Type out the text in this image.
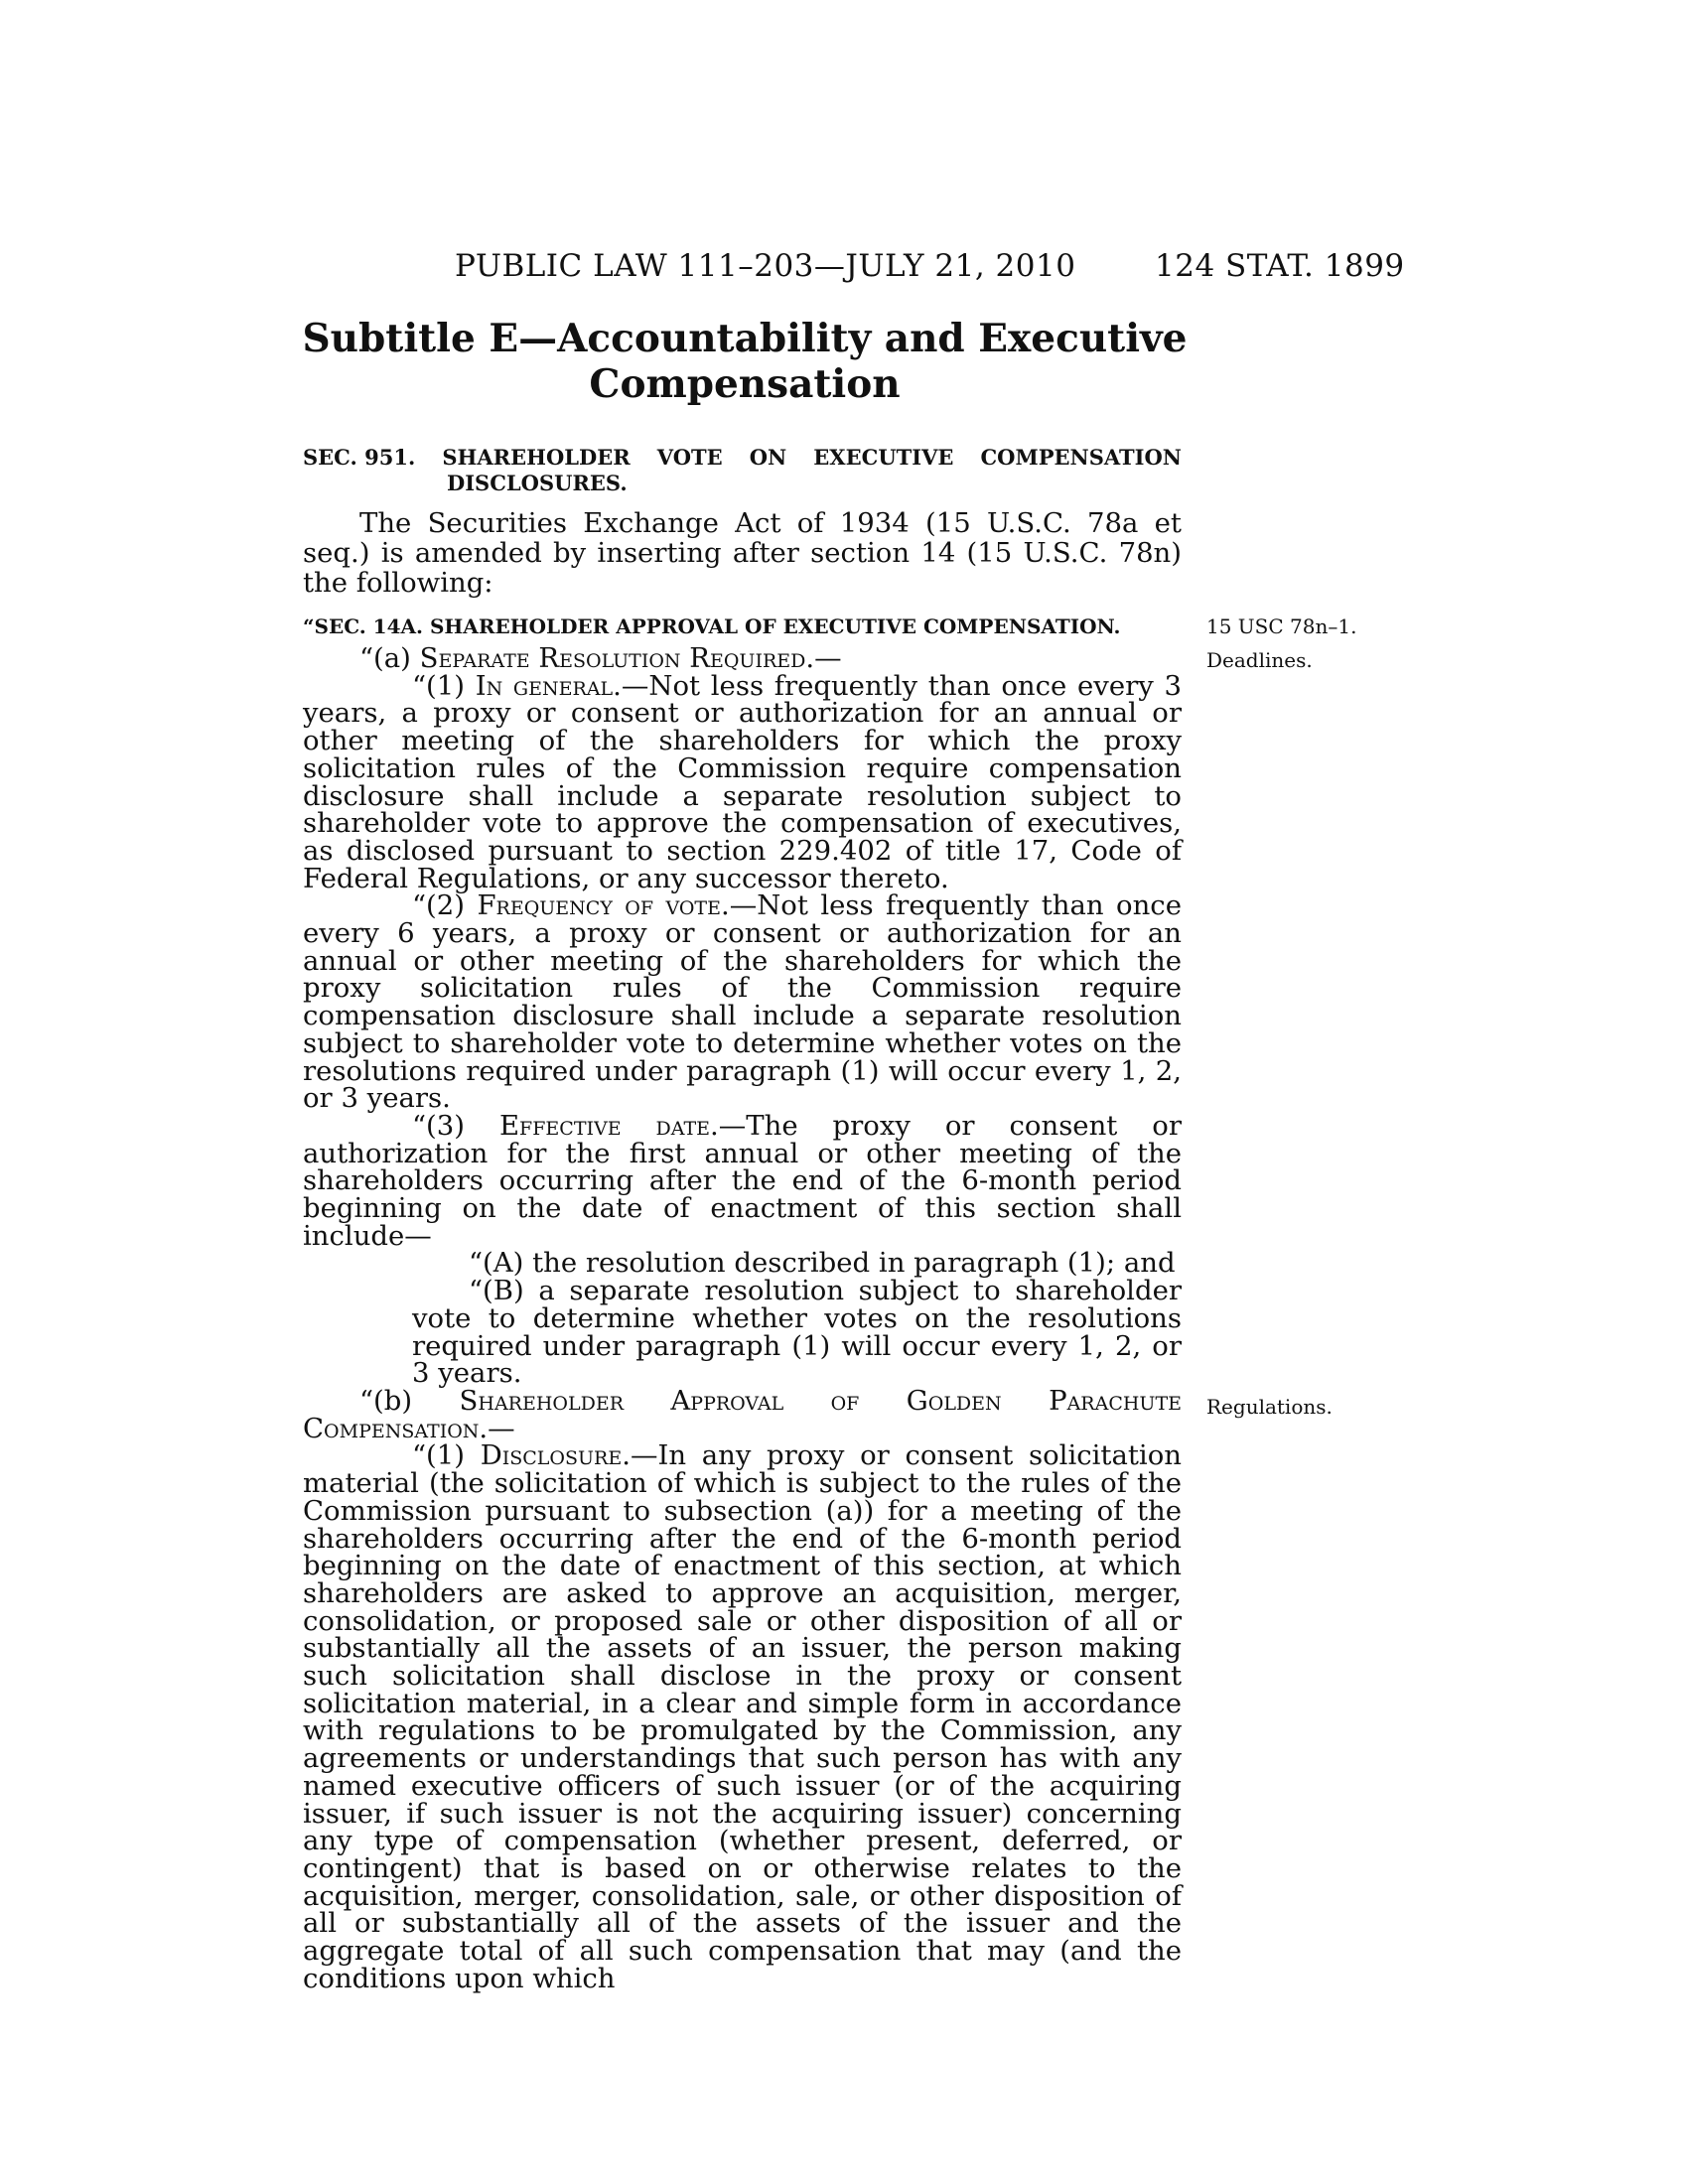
PUBLIC LAW 111–203—JULY 21, 2010	124 STAT. 1899
Subtitle E—Accountability and Executive
Compensation
SEC. 951. SHAREHOLDER VOTE ON EXECUTIVE COMPENSATION
DISCLOSURES.

The Securities Exchange Act of 1934 (15 U.S.C. 78a et seq.) is amended by inserting after section 14 (15 U.S.C. 78n) the following:

“SEC. 14A. SHAREHOLDER APPROVAL OF EXECUTIVE COMPENSATION.	15 USC 78n–1.
Deadlines.
Regulations.

“(a) Separate Resolution Required.—

“(1) In general.—Not less frequently than once every 3 years, a proxy or consent or authorization for an annual or other meeting of the shareholders for which the proxy solicitation rules of the Commission require compensation disclosure shall include a separate resolution subject to shareholder vote to approve the compensation of executives, as disclosed pursuant to section 229.402 of title 17, Code of Federal Regulations, or any successor thereto.

“(2) Frequency of vote.—Not less frequently than once every 6 years, a proxy or consent or authorization for an annual or other meeting of the shareholders for which the proxy solicitation rules of the Commission require compensation disclosure shall include a separate resolution subject to shareholder vote to determine whether votes on the resolutions required under paragraph (1) will occur every 1, 2, or 3 years.

“(3) Effective date.—The proxy or consent or authorization for the first annual or other meeting of the shareholders occurring after the end of the 6-month period beginning on the date of enactment of this section shall include—

“(A) the resolution described in paragraph (1); and

“(B) a separate resolution subject to shareholder vote to determine whether votes on the resolutions required under paragraph (1) will occur every 1, 2, or 3 years.

“(b) Shareholder Approval of Golden Parachute Compensation.—

“(1) Disclosure.—In any proxy or consent solicitation material (the solicitation of which is subject to the rules of the Commission pursuant to subsection (a)) for a meeting of the shareholders occurring after the end of the 6-month period beginning on the date of enactment of this section, at which shareholders are asked to approve an acquisition, merger, consolidation, or proposed sale or other disposition of all or substantially all the assets of an issuer, the person making such solicitation shall disclose in the proxy or consent solicitation material, in a clear and simple form in accordance with regulations to be promulgated by the Commission, any agreements or understandings that such person has with any named executive officers of such issuer (or of the acquiring issuer, if such issuer is not the acquiring issuer) concerning any type of compensation (whether present, deferred, or contingent) that is based on or otherwise relates to the acquisition, merger, consolidation, sale, or other disposition of all or substantially all of the assets of the issuer and the aggregate total of all such compensation that may (and the conditions upon which
